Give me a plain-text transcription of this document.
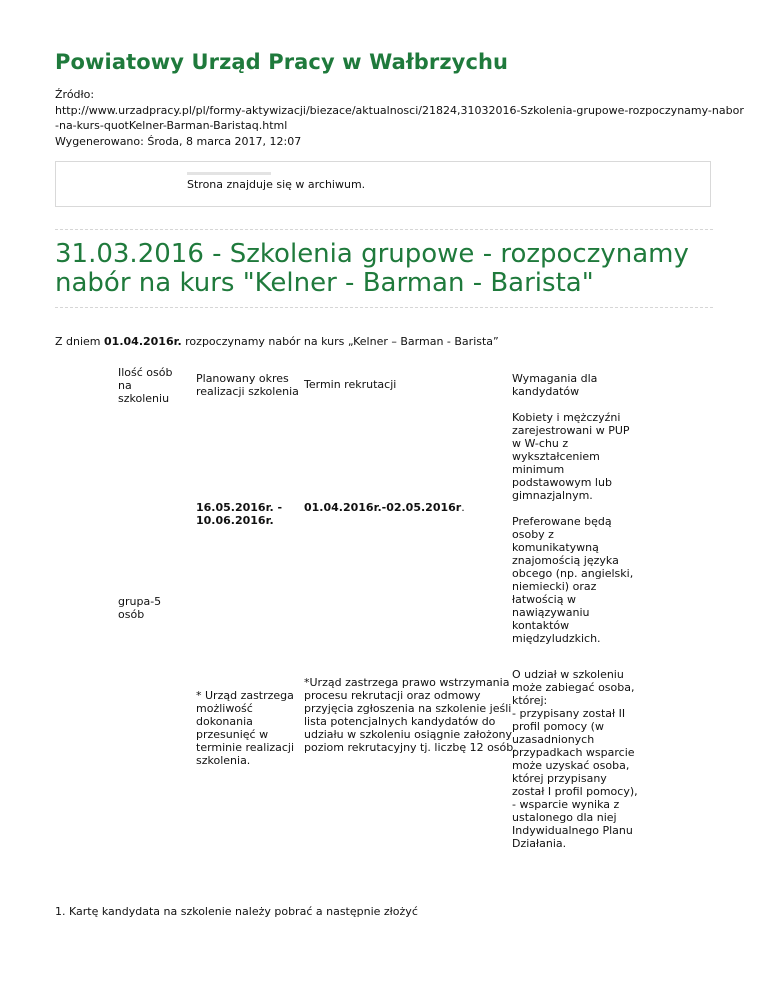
Powiatowy Urząd Pracy w Wałbrzychu
Źródło:
http://www.urzadpracy.pl/pl/formy-aktywizacji/biezace/aktualnosci/21824,31032016-Szkolenia-grupowe-rozpoczynamy-nabor
-na-kurs-quotKelner-Barman-Baristaq.html
Wygenerowano: Środa, 8 marca 2017, 12:07
Strona znajduje się w archiwum.
31.03.2016 - Szkolenia grupowe - rozpoczynamy
nabór na kurs "Kelner - Barman - Barista"
Z dniem 01.04.2016r. rozpoczynamy nabór na kurs „Kelner – Barman - Barista”
Ilość osób
na
szkoleniu
Planowany okres
realizacji szkolenia
Termin rekrutacji	Wymagania dla
kandydatów
grupa-5
osób
16.05.2016r. -
10.06.2016r.
01.04.2016r.-02.05.2016r.
Kobiety i mężczyźni
zarejestrowani w PUP
w W-chu z
wykształceniem
minimum
podstawowym lub
gimnazjalnym.
Preferowane będą
osoby z
komunikatywną
znajomością języka
obcego (np. angielski,
niemiecki) oraz
łatwością w
nawiązywaniu
kontaktów
międzyludzkich.
* Urząd zastrzega
możliwość
dokonania
przesunięć w
terminie realizacji
szkolenia.
*Urząd zastrzega prawo wstrzymania
procesu rekrutacji oraz odmowy
przyjęcia zgłoszenia na szkolenie jeśli
lista potencjalnych kandydatów do
udziału w szkoleniu osiągnie założony
poziom rekrutacyjny tj. liczbę 12 osób.
O udział w szkoleniu
może zabiegać osoba,
której:
- przypisany został II
profil pomocy (w
uzasadnionych
przypadkach wsparcie
może uzyskać osoba,
której przypisany
został I profil pomocy),
- wsparcie wynika z
ustalonego dla niej
Indywidualnego Planu
Działania.
1. Kartę kandydata na szkolenie należy pobrać a następnie złożyć
